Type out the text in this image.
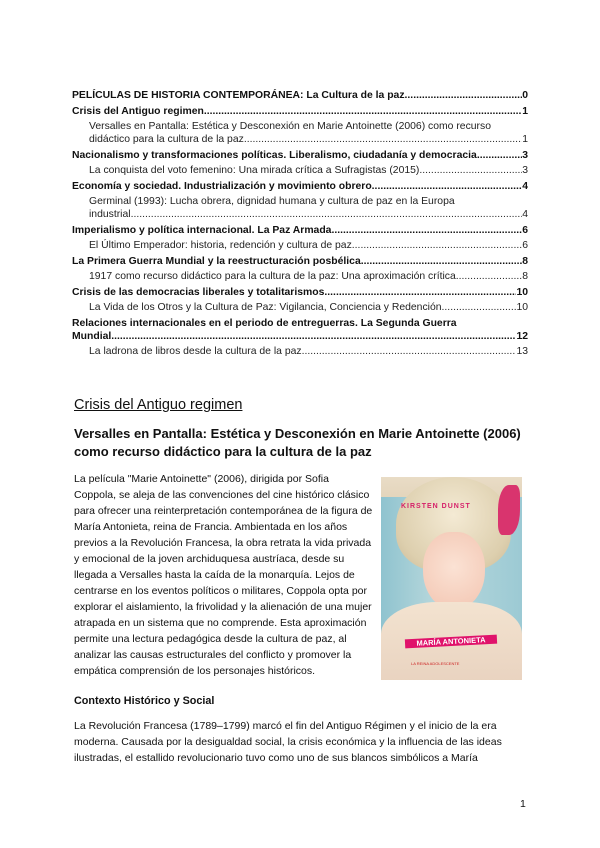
PELÍCULAS DE HISTORIA CONTEMPORÁNEA: La Cultura de la paz .....	0
Crisis del Antiguo regimen .....	1
Versalles en Pantalla: Estética y Desconexión en Marie Antoinette (2006) como recurso
didáctico para la cultura de la paz .....	1
Nacionalismo y transformaciones políticas. Liberalismo, ciudadanía y democracia .....	3
La conquista del voto femenino: Una mirada crítica a Sufragistas (2015). .....	3
Economía y sociedad. Industrialización y movimiento obrero .....	4
Germinal (1993): Lucha obrera, dignidad humana y cultura de paz en la Europa
industrial .....	4
Imperialismo y política internacional. La Paz Armada .....	6
El Último Emperador: historia, redención y cultura de paz .....	6
La Primera Guerra Mundial y la reestructuración posbélica. .....	8
1917 como recurso didáctico para la cultura de la paz: Una aproximación crítica .....	8
Crisis de las democracias liberales y totalitarismos .....	10
La Vida de los Otros y la Cultura de Paz: Vigilancia, Conciencia y Redención .....	10
Relaciones internacionales en el periodo de entreguerras. La Segunda Guerra
Mundial .....	12
La ladrona de libros desde la cultura de la paz .....	13
Crisis del Antiguo regimen
Versalles en Pantalla: Estética y Desconexión en Marie Antoinette (2006) como recurso didáctico para la cultura de la paz
KIRSTEN DUNST
MARÍA ANTONIETA
LA REINA ADOLESCENTE
La película "Marie Antoinette" (2006), dirigida por Sofia Coppola, se aleja de las convenciones del cine histórico clásico para ofrecer una reinterpretación contemporánea de la figura de María Antonieta, reina de Francia. Ambientada en los años previos a la Revolución Francesa, la obra retrata la vida privada y emocional de la joven archiduquesa austríaca, desde su llegada a Versalles hasta la caída de la monarquía. Lejos de centrarse en los eventos políticos o militares, Coppola opta por explorar el aislamiento, la frivolidad y la alienación de una mujer atrapada en un sistema que no comprende. Esta aproximación permite una lectura pedagógica desde la cultura de paz, al analizar las causas estructurales del conflicto y promover la empática comprensión de los personajes históricos.
Contexto Histórico y Social
La Revolución Francesa (1789–1799) marcó el fin del Antiguo Régimen y el inicio de la era moderna. Causada por la desigualdad social, la crisis económica y la influencia de las ideas ilustradas, el estallido revolucionario tuvo como uno de sus blancos simbólicos a María
1
